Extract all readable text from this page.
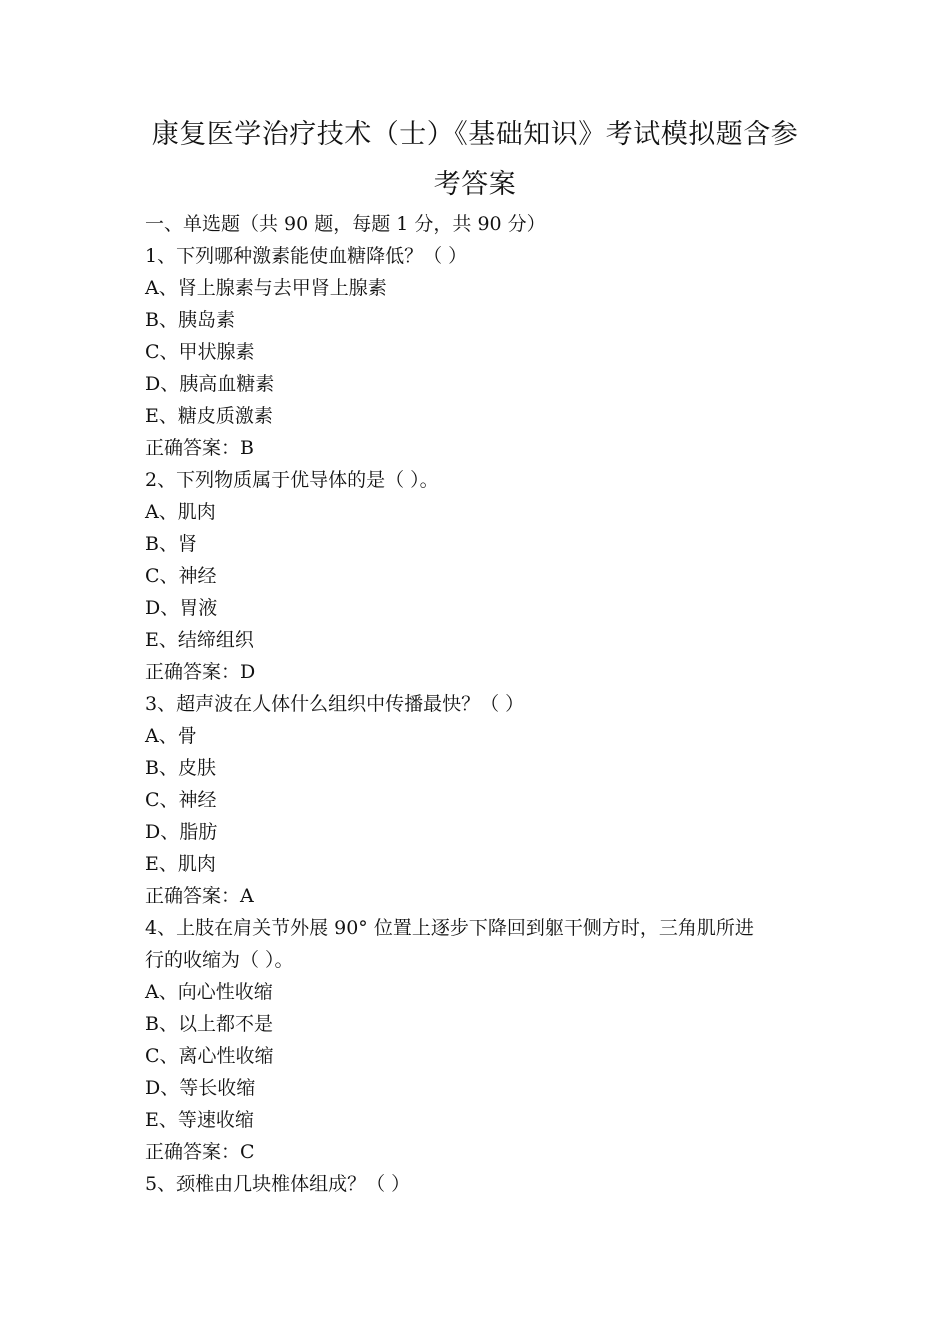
康复医学治疗技术（士）《基础知识》考试模拟题含参
考答案
一、单选题（共 90 题，每题 1 分，共 90 分）
1、下列哪种激素能使血糖降低？（ ）
A、肾上腺素与去甲肾上腺素
B、胰岛素
C、甲状腺素
D、胰高血糖素
E、糖皮质激素
正确答案：B
2、下列物质属于优导体的是（ ）。
A、肌肉
B、肾
C、神经
D、胃液
E、结缔组织
正确答案：D
3、超声波在人体什么组织中传播最快？（ ）
A、骨
B、皮肤
C、神经
D、脂肪
E、肌肉
正确答案：A
4、上肢在肩关节外展 90° 位置上逐步下降回到躯干侧方时，三角肌所进
行的收缩为（ ）。
A、向心性收缩
B、以上都不是
C、离心性收缩
D、等长收缩
E、等速收缩
正确答案：C
5、颈椎由几块椎体组成？（ ）
